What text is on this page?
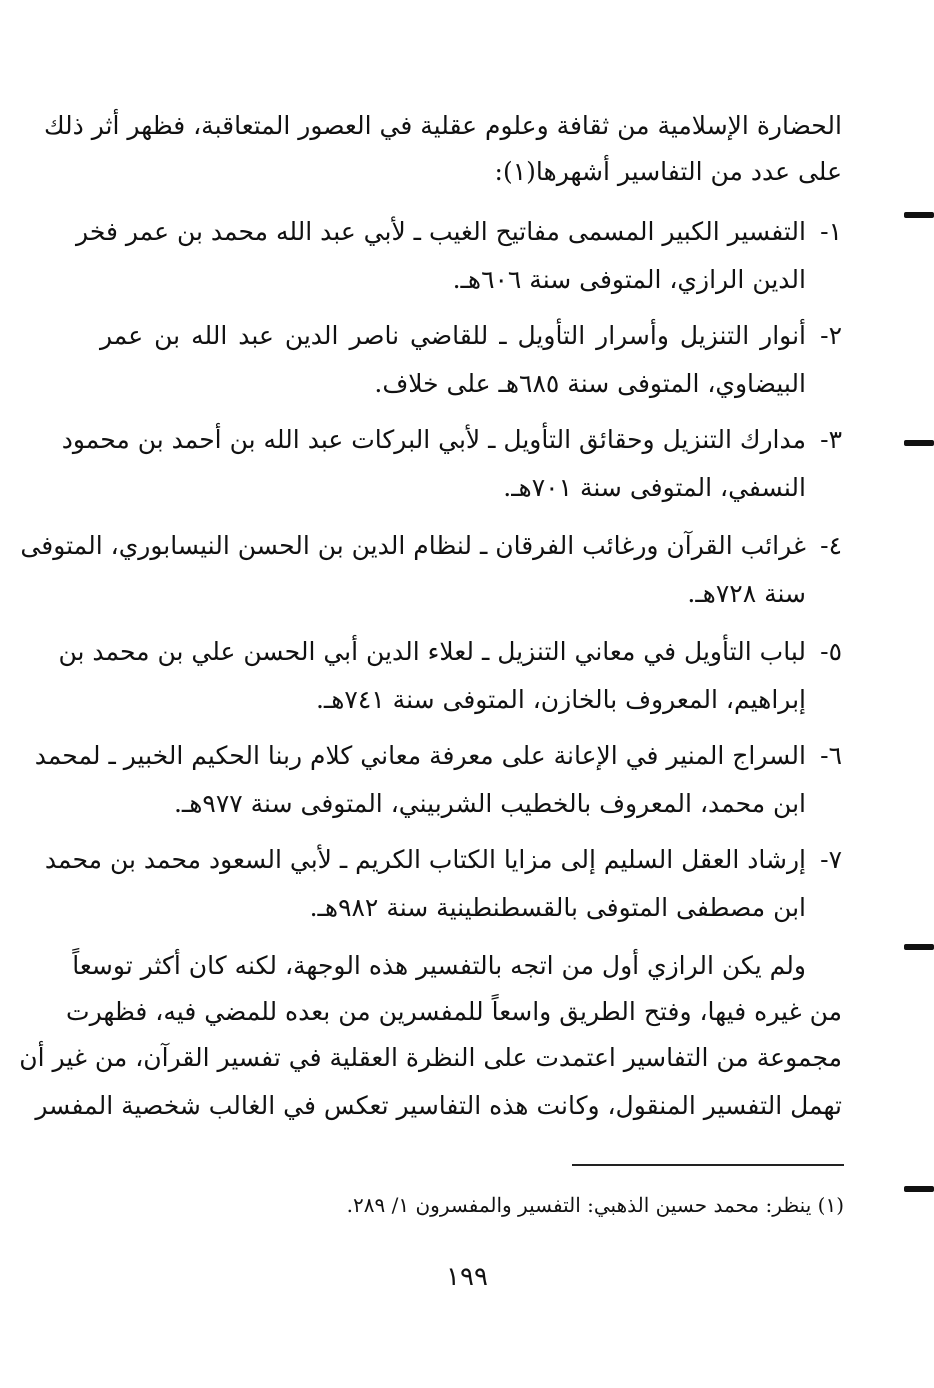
الحضارة الإسلامية من ثقافة وعلوم عقلية في العصور المتعاقبة، فظهر أثر ذلك
على عدد من التفاسير أشهرها(١):
١-
التفسير الكبير المسمى مفاتيح الغيب ـ لأبي عبد الله محمد بن عمر فخر
الدين الرازي، المتوفى سنة ٦٠٦هـ.
٢-
أنوار التنزيل وأسرار التأويل ـ للقاضي ناصر الدين عبد الله بن عمر
البيضاوي، المتوفى سنة ٦٨٥هـ على خلاف.
٣-
مدارك التنزيل وحقائق التأويل ـ لأبي البركات عبد الله بن أحمد بن محمود
النسفي، المتوفى سنة ٧٠١هـ.
٤-
غرائب القرآن ورغائب الفرقان ـ لنظام الدين بن الحسن النيسابوري، المتوفى
سنة ٧٢٨هـ.
٥-
لباب التأويل في معاني التنزيل ـ لعلاء الدين أبي الحسن علي بن محمد بن
إبراهيم، المعروف بالخازن، المتوفى سنة ٧٤١هـ.
٦-
السراج المنير في الإعانة على معرفة معاني كلام ربنا الحكيم الخبير ـ لمحمد
ابن محمد، المعروف بالخطيب الشربيني، المتوفى سنة ٩٧٧هـ.
٧-
إرشاد العقل السليم إلى مزايا الكتاب الكريم ـ لأبي السعود محمد بن محمد
ابن مصطفى المتوفى بالقسطنطينية سنة ٩٨٢هـ.
ولم يكن الرازي أول من اتجه بالتفسير هذه الوجهة، لكنه كان أكثر توسعاً
من غيره فيها، وفتح الطريق واسعاً للمفسرين من بعده للمضي فيه، فظهرت
مجموعة من التفاسير اعتمدت على النظرة العقلية في تفسير القرآن، من غير أن
تهمل التفسير المنقول، وكانت هذه التفاسير تعكس في الغالب شخصية المفسر
(١) ينظر: محمد حسين الذهبي: التفسير والمفسرون ١/ ٢٨٩.
١٩٩
